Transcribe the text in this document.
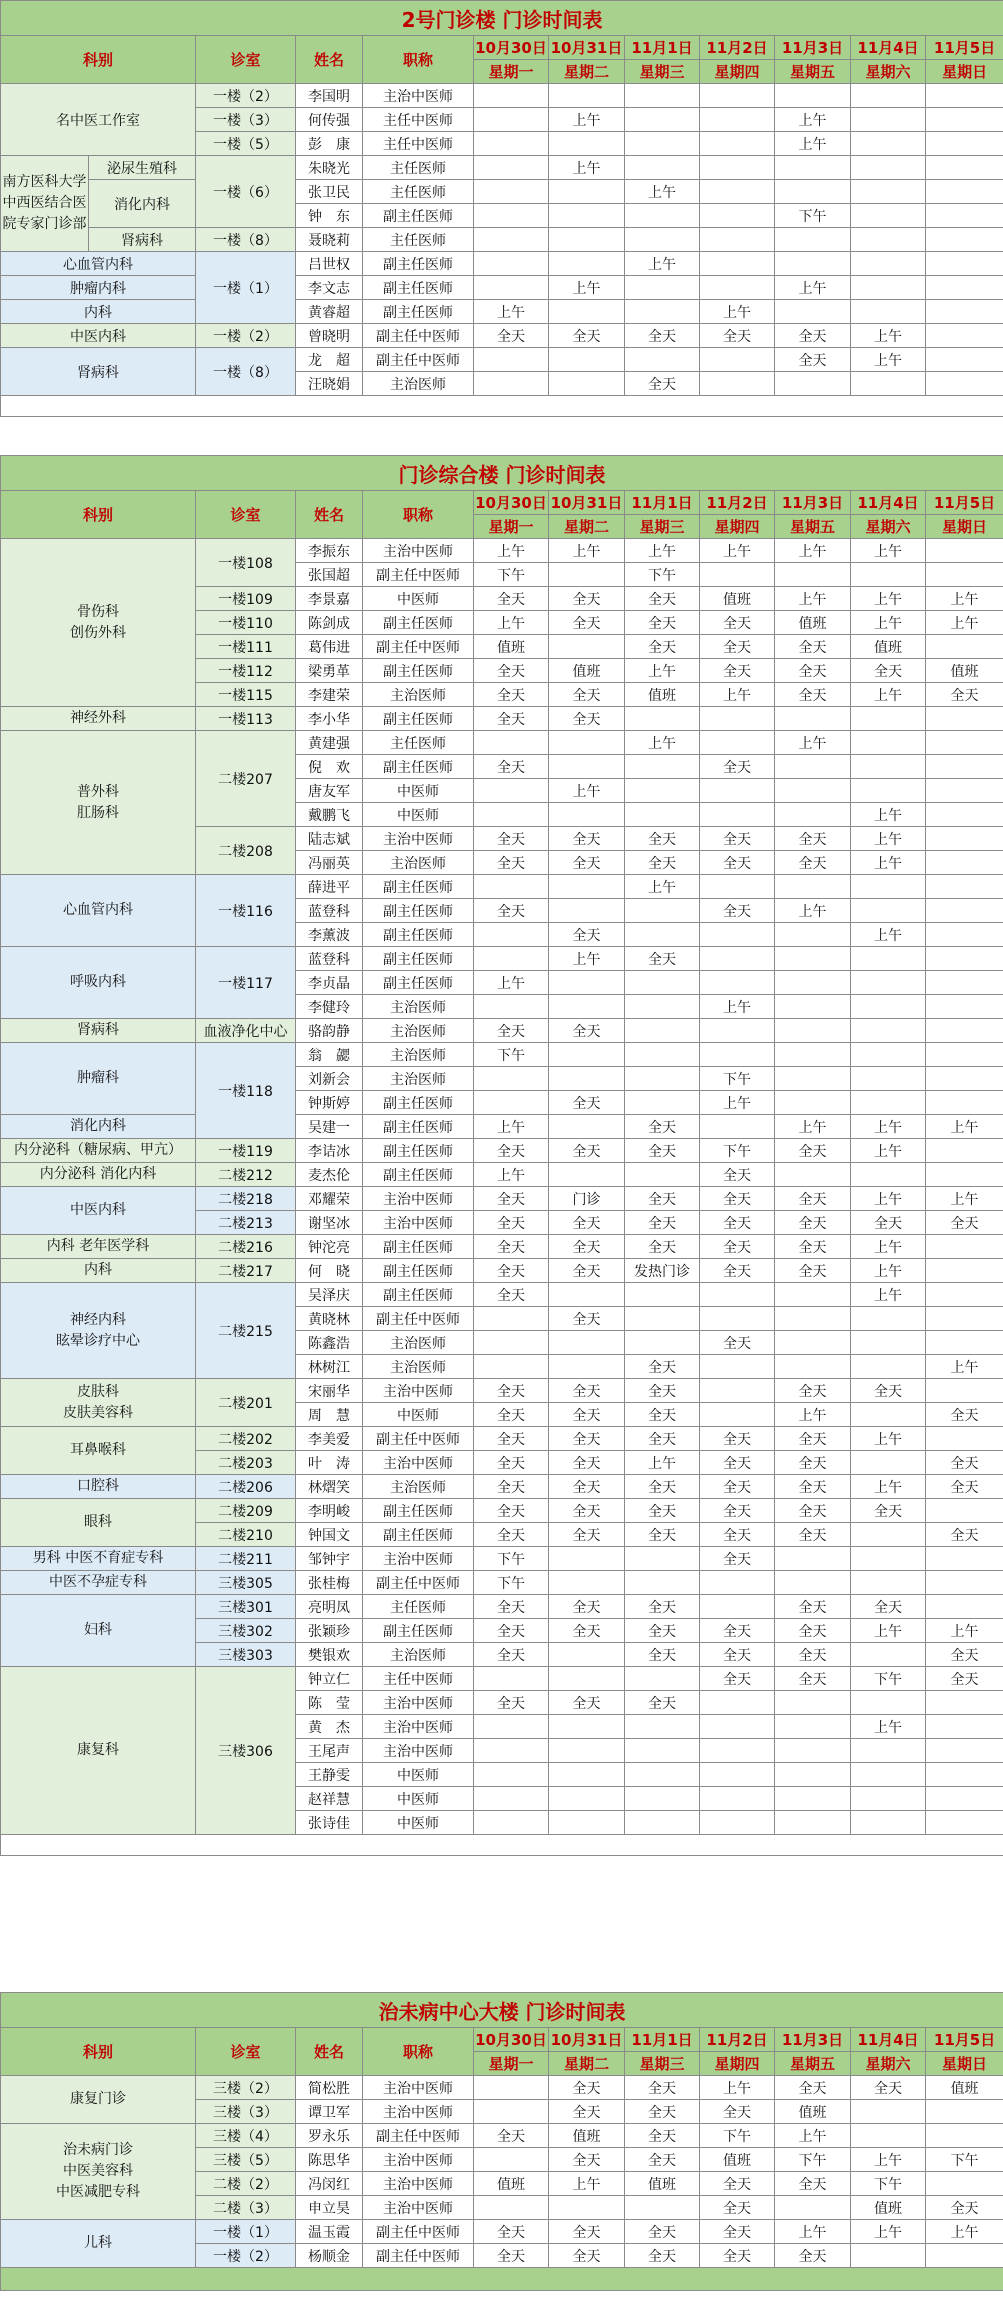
2号门诊楼 门诊时间表											
科别		诊室	姓名	职称	10月30日	10月31日	11月1日	11月2日	11月3日	11月4日	11月5日
					星期一	星期二	星期三	星期四	星期五	星期六	星期日
名中医工作室		一楼（2）	李国明	主治中医师							
		一楼（3）	何传强	主任中医师		上午			上午		
		一楼（5）	彭　康	主任中医师					上午		
南方医科大学中西医结合医院专家门诊部	泌尿生殖科	一楼（6）	朱晓光	主任医师		上午					
	消化内科		张卫民	主任医师			上午				
			钟　东	副主任医师					下午		
	肾病科	一楼（8）	聂晓莉	主任医师							
心血管内科		一楼（1）	吕世权	副主任医师			上午				
肿瘤内科			李文志	副主任医师		上午			上午		
内科			黄睿超	副主任医师	上午			上午			
中医内科		一楼（2）	曾晓明	副主任中医师	全天	全天	全天	全天	全天	上午	
肾病科		一楼（8）	龙　超	副主任中医师					全天	上午	
			汪晓娟	主治医师			全天				

门诊综合楼 门诊时间表										
科别	诊室	姓名	职称	10月30日	10月31日	11月1日	11月2日	11月3日	11月4日	11月5日
				星期一	星期二	星期三	星期四	星期五	星期六	星期日
骨伤科
创伤外科	一楼108	李振东	主治中医师	上午	上午	上午	上午	上午	上午	
		张国超	副主任中医师	下午		下午				
	一楼109	李景嘉	中医师	全天	全天	全天	值班	上午	上午	上午
	一楼110	陈剑成	副主任医师	上午	全天	全天	全天	值班	上午	上午
	一楼111	葛伟进	副主任中医师	值班		全天	全天	全天	值班	
	一楼112	梁勇革	副主任医师	全天	值班	上午	全天	全天	全天	值班
	一楼115	李建荣	主治医师	全天	全天	值班	上午	全天	上午	全天
神经外科	一楼113	李小华	副主任医师	全天	全天					
普外科
肛肠科	二楼207	黄建强	主任医师			上午		上午		
		倪　欢	副主任医师	全天			全天			
		唐友军	中医师		上午					
		戴鹏飞	中医师						上午	
	二楼208	陆志斌	主治中医师	全天	全天	全天	全天	全天	上午	
		冯丽英	主治医师	全天	全天	全天	全天	全天	上午	
心血管内科	一楼116	薛进平	副主任医师			上午				
		蓝登科	副主任医师	全天			全天	上午		
		李薰波	副主任医师		全天				上午	
呼吸内科	一楼117	蓝登科	副主任医师		上午	全天				
		李贞晶	副主任医师	上午						
		李健玲	主治医师				上午			
肾病科	血液净化中心	骆韵静	主治医师	全天	全天					
肿瘤科	一楼118	翁　勰	主治医师	下午						
		刘新会	主治医师				下午			
		钟斯婷	副主任医师		全天		上午			
消化内科		吴建一	副主任医师	上午		全天		上午	上午	上午
内分泌科（糖尿病、甲亢）	一楼119	李诘冰	副主任医师	全天	全天	全天	下午	全天	上午	
内分泌科 消化内科	二楼212	麦杰伦	副主任医师	上午			全天			
中医内科	二楼218	邓耀荣	主治中医师	全天	门诊	全天	全天	全天	上午	上午
	二楼213	谢坚冰	主治中医师	全天	全天	全天	全天	全天	全天	全天
内科 老年医学科	二楼216	钟沱亮	副主任医师	全天	全天	全天	全天	全天	上午	
内科	二楼217	何　晓	副主任医师	全天	全天	发热门诊	全天	全天	上午	
神经内科
眩晕诊疗中心	二楼215	吴泽庆	副主任医师	全天					上午	
		黄晓林	副主任中医师		全天					
		陈鑫浩	主治医师				全天			
		林树江	主治医师			全天				上午
皮肤科
皮肤美容科	二楼201	宋丽华	主治中医师	全天	全天	全天		全天	全天	
		周　慧	中医师	全天	全天	全天		上午		全天
耳鼻喉科	二楼202	李美爱	副主任中医师	全天	全天	全天	全天	全天	上午	
	二楼203	叶　涛	主治中医师	全天	全天	上午	全天	全天		全天
口腔科	二楼206	林熠笑	主治医师	全天	全天	全天	全天	全天	上午	全天
眼科	二楼209	李明峻	副主任医师	全天	全天	全天	全天	全天	全天	
	二楼210	钟国文	副主任医师	全天	全天	全天	全天	全天		全天
男科 中医不育症专科	二楼211	邹钟宇	主治中医师	下午			全天			
中医不孕症专科	三楼305	张桂梅	副主任中医师	下午						
妇科	三楼301	亮明凤	主任医师	全天	全天	全天		全天	全天	
	三楼302	张颖珍	副主任医师	全天	全天	全天	全天	全天	上午	上午
	三楼303	樊银欢	主治医师	全天		全天	全天	全天		全天
康复科	三楼306	钟立仁	主任中医师				全天	全天	下午	全天
		陈　莹	主治中医师	全天	全天	全天				
		黄　杰	主治中医师						上午	
		王尾声	主治中医师							
		王静雯	中医师							
		赵祥慧	中医师							
		张诗佳	中医师							

治未病中心大楼 门诊时间表										
科别	诊室	姓名	职称	10月30日	10月31日	11月1日	11月2日	11月3日	11月4日	11月5日
				星期一	星期二	星期三	星期四	星期五	星期六	星期日
康复门诊	三楼（2）	简松胜	主治中医师		全天	全天	上午	全天	全天	值班
	三楼（3）	谭卫军	主治中医师		全天	全天	全天	值班		
治未病门诊
中医美容科
中医减肥专科	三楼（4）	罗永乐	副主任中医师	全天	值班	全天	下午	上午		
	三楼（5）	陈思华	主治中医师		全天	全天	值班	下午	上午	下午
	二楼（2）	冯闵红	主治中医师	值班	上午	值班	全天	全天	下午	
	二楼（3）	申立昊	主治中医师				全天		值班	全天
儿科	一楼（1）	温玉霞	副主任中医师	全天	全天	全天	全天	上午	上午	上午
	一楼（2）	杨顺金	副主任中医师	全天	全天	全天	全天	全天		
